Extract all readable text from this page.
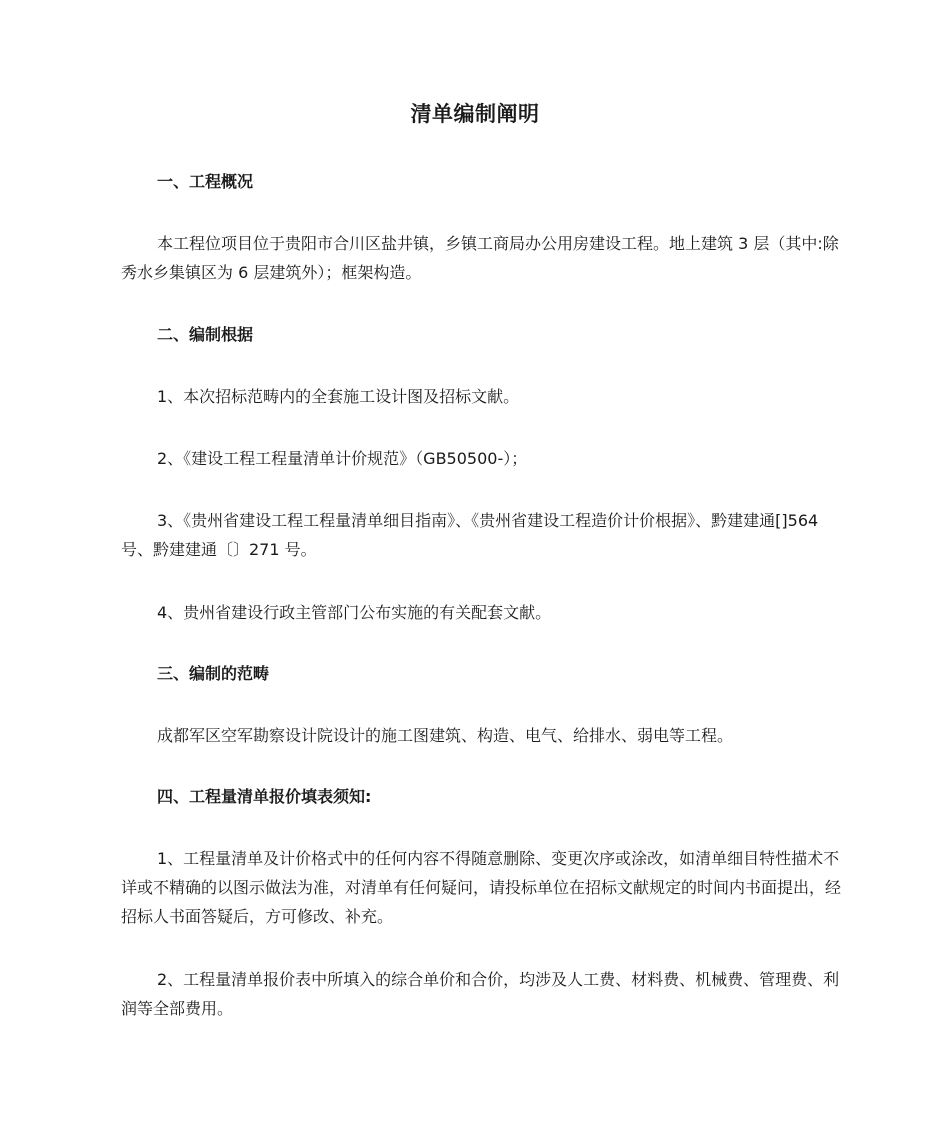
清单编制阐明
一、工程概况

本工程位项目位于贵阳市合川区盐井镇，乡镇工商局办公用房建设工程。地上建筑 3 层（其中:除秀水乡集镇区为 6 层建筑外）；框架构造。

二、编制根据

1、本次招标范畴内的全套施工设计图及招标文献。

2、《建设工程工程量清单计价规范》（GB50500-）；

3、《贵州省建设工程工程量清单细目指南》、《贵州省建设工程造价计价根据》、黔建建通[]564 号、黔建建通〔〕271 号。

4、贵州省建设行政主管部门公布实施的有关配套文献。

三、编制的范畴

成都军区空军勘察设计院设计的施工图建筑、构造、电气、给排水、弱电等工程。

四、工程量清单报价填表须知:

1、工程量清单及计价格式中的任何内容不得随意删除、变更次序或涂改，如清单细目特性描术不详或不精确的以图示做法为准，对清单有任何疑问，请投标单位在招标文献规定的时间内书面提出，经招标人书面答疑后，方可修改、补充。

2、工程量清单报价表中所填入的综合单价和合价，均涉及人工费、材料费、机械费、管理费、利润等全部费用。
